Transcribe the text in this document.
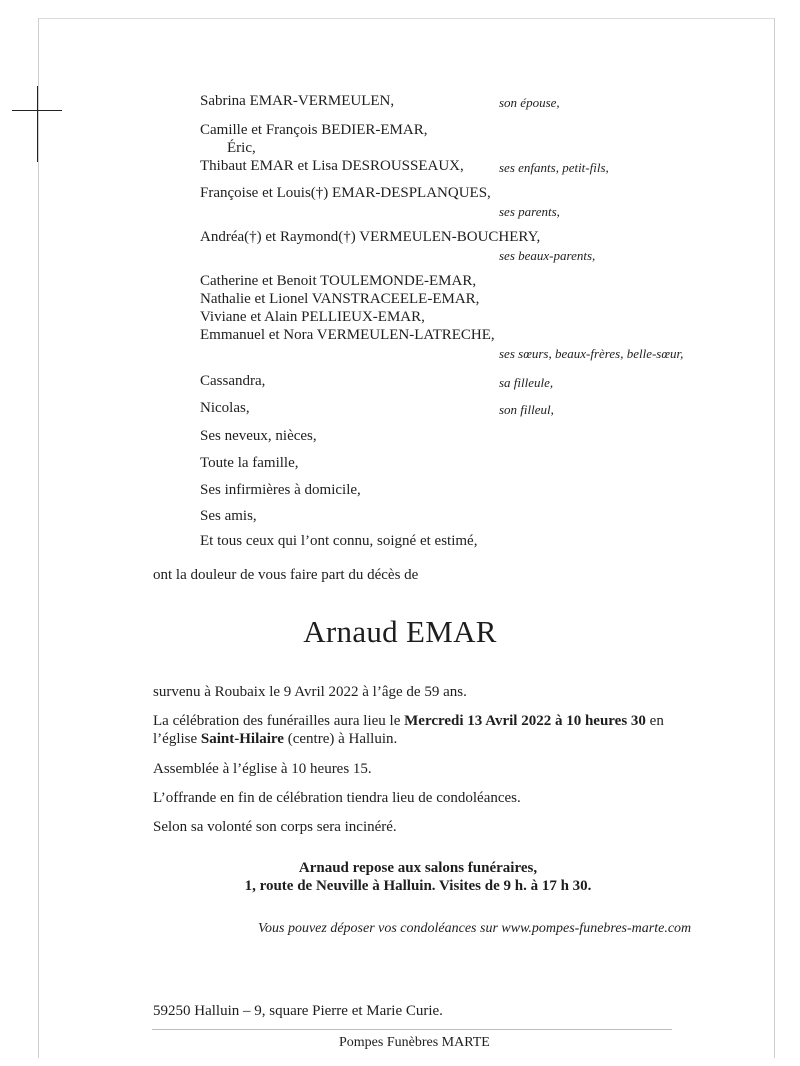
Sabrina EMAR-VERMEULEN,	son épouse,
Camille et François BEDIER-EMAR,
Éric,
Thibaut EMAR et Lisa DESROUSSEAUX,	ses enfants, petit-fils,
Françoise et Louis(†) EMAR-DESPLANQUES,
ses parents,
Andréa(†) et Raymond(†) VERMEULEN-BOUCHERY,
ses beaux-parents,
Catherine et Benoit TOULEMONDE-EMAR,
Nathalie et Lionel VANSTRACEELE-EMAR,
Viviane et Alain PELLIEUX-EMAR,
Emmanuel et Nora VERMEULEN-LATRECHE,
ses sœurs, beaux-frères, belle-sœur,
Cassandra,	sa filleule,
Nicolas,	son filleul,
Ses neveux, nièces,
Toute la famille,
Ses infirmières à domicile,
Ses amis,
Et tous ceux qui l’ont connu, soigné et estimé,
ont la douleur de vous faire part du décès de
Arnaud EMAR
survenu à Roubaix le 9 Avril 2022 à l’âge de 59 ans.
La célébration des funérailles aura lieu le Mercredi 13 Avril 2022 à 10 heures 30 en
l’église Saint-Hilaire (centre) à Halluin.
Assemblée à l’église à 10 heures 15.
L’offrande en fin de célébration tiendra lieu de condoléances.
Selon sa volonté son corps sera incinéré.
Arnaud repose aux salons funéraires,
1, route de Neuville à Halluin. Visites de 9 h. à 17 h 30.
Vous pouvez déposer vos condoléances sur www.pompes-funebres-marte.com
59250 Halluin – 9, square Pierre et Marie Curie.
Pompes Funèbres MARTE
